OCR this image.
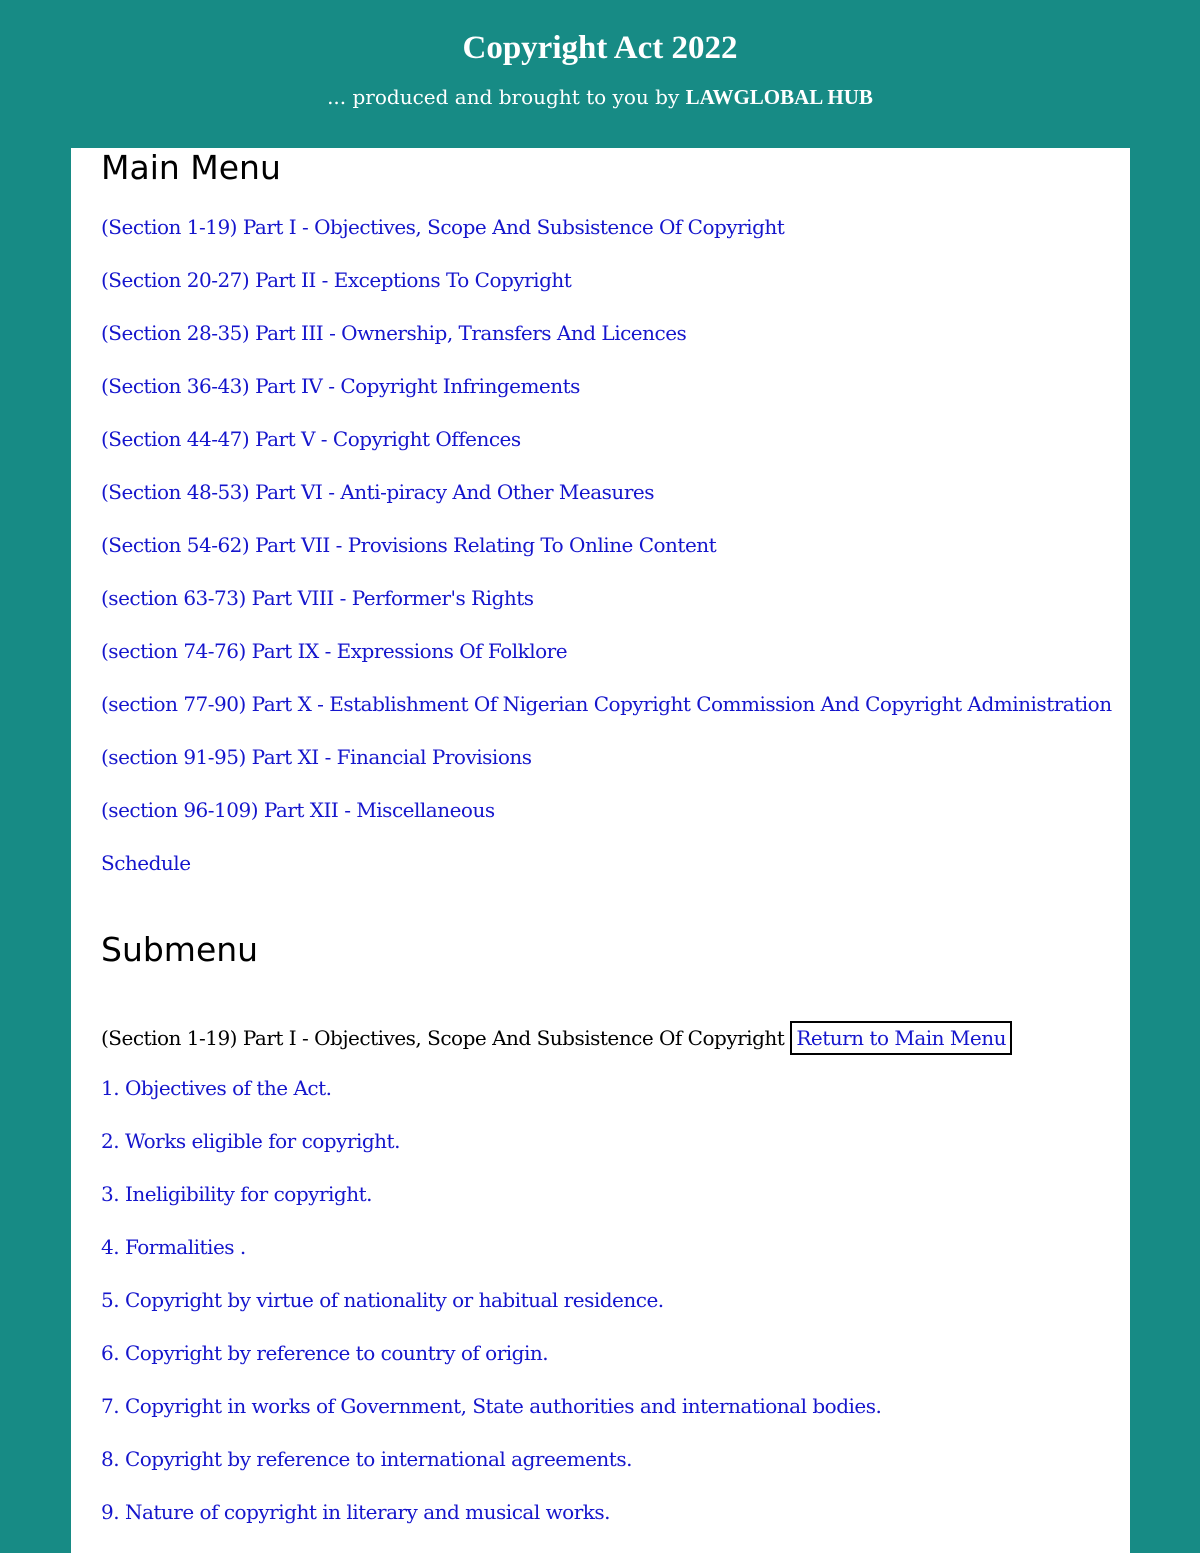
Copyright Act 2022

... produced and brought to you by LAWGLOBAL HUB

Main Menu
(Section 1-19) Part I - Objectives, Scope And Subsistence Of Copyright
(Section 20-27) Part II - Exceptions To Copyright
(Section 28-35) Part III - Ownership, Transfers And Licences
(Section 36-43) Part IV - Copyright Infringements
(Section 44-47) Part V - Copyright Offences
(Section 48-53) Part VI - Anti-piracy And Other Measures
(Section 54-62) Part VII - Provisions Relating To Online Content
(section 63-73) Part VIII - Performer's Rights
(section 74-76) Part IX - Expressions Of Folklore
(section 77-90) Part X - Establishment Of Nigerian Copyright Commission And Copyright Administration
(section 91-95) Part XI - Financial Provisions
(section 96-109) Part XII - Miscellaneous
Schedule
Submenu
(Section 1-19) Part I - Objectives, Scope And Subsistence Of Copyright Return to Main Menu
1. Objectives of the Act.
2. Works eligible for copyright.
3. Ineligibility for copyright.
4. Formalities .
5. Copyright by virtue of nationality or habitual residence.
6. Copyright by reference to country of origin.
7. Copyright in works of Government, State authorities and international bodies.
8. Copyright by reference to international agreements.
9. Nature of copyright in literary and musical works.
